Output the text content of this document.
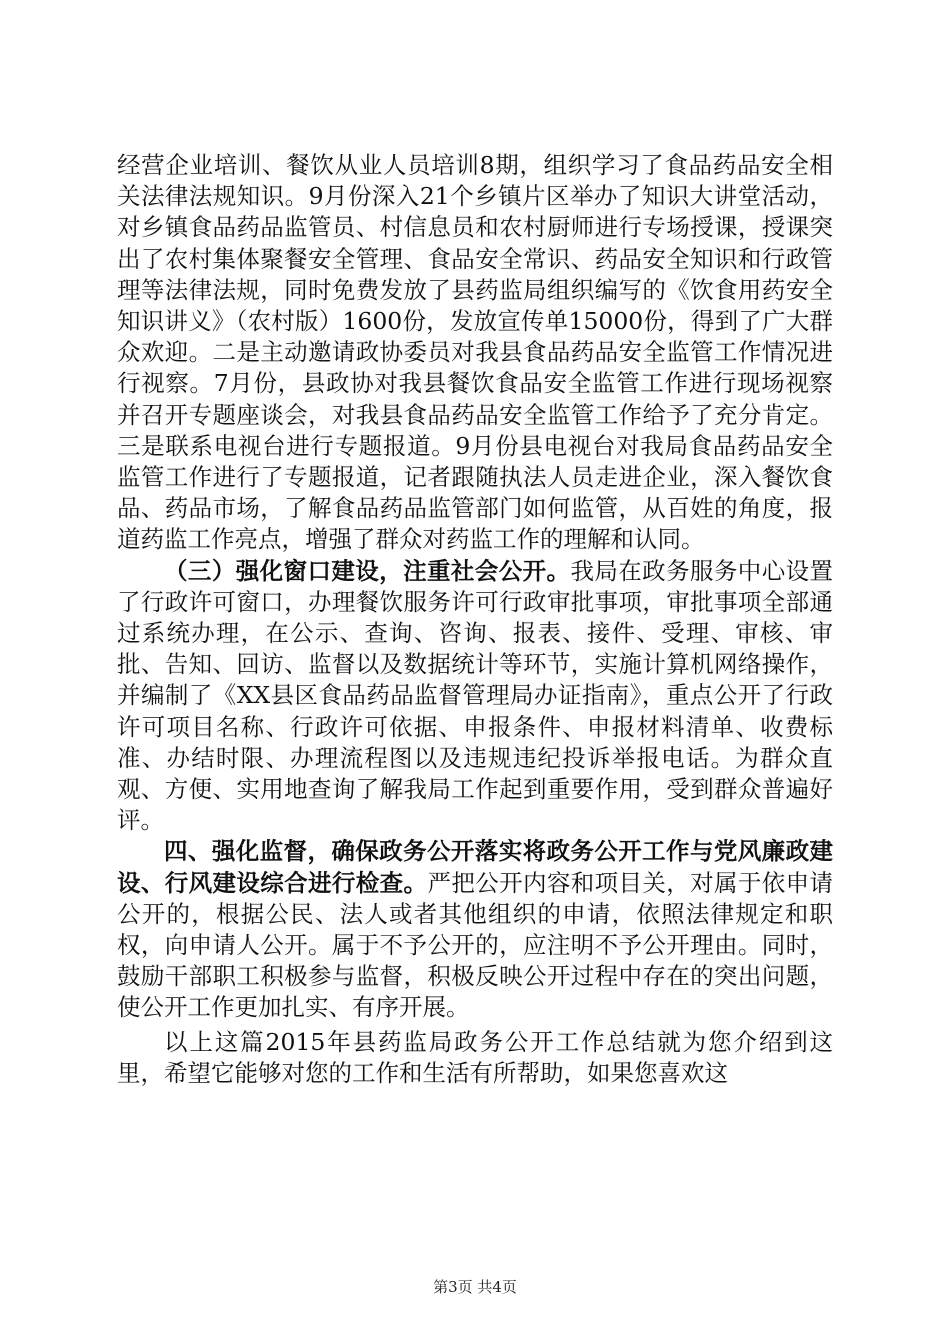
经营企业培训、餐饮从业人员培训8期，组织学习了食品药品安全相关法律法规知识。9月份深入21个乡镇片区举办了知识大讲堂活动，对乡镇食品药品监管员、村信息员和农村厨师进行专场授课，授课突出了农村集体聚餐安全管理、食品安全常识、药品安全知识和行政管理等法律法规，同时免费发放了县药监局组织编写的《饮食用药安全知识讲义》（农村版）1600份，发放宣传单15000份，得到了广大群众欢迎。二是主动邀请政协委员对我县食品药品安全监管工作情况进行视察。7月份，县政协对我县餐饮食品安全监管工作进行现场视察并召开专题座谈会，对我县食品药品安全监管工作给予了充分肯定。三是联系电视台进行专题报道。9月份县电视台对我局食品药品安全监管工作进行了专题报道，记者跟随执法人员走进企业，深入餐饮食品、药品市场，了解食品药品监管部门如何监管，从百姓的角度，报道药监工作亮点，增强了群众对药监工作的理解和认同。

（三）强化窗口建设，注重社会公开。我局在政务服务中心设置了行政许可窗口，办理餐饮服务许可行政审批事项，审批事项全部通过系统办理，在公示、查询、咨询、报表、接件、受理、审核、审批、告知、回访、监督以及数据统计等环节，实施计算机网络操作，并编制了《XX县区食品药品监督管理局办证指南》，重点公开了行政许可项目名称、行政许可依据、申报条件、申报材料清单、收费标准、办结时限、办理流程图以及违规违纪投诉举报电话。为群众直观、方便、实用地查询了解我局工作起到重要作用，受到群众普遍好评。

四、强化监督，确保政务公开落实将政务公开工作与党风廉政建设、行风建设综合进行检查。严把公开内容和项目关，对属于依申请公开的，根据公民、法人或者其他组织的申请，依照法律规定和职权，向申请人公开。属于不予公开的，应注明不予公开理由。同时，鼓励干部职工积极参与监督，积极反映公开过程中存在的突出问题，使公开工作更加扎实、有序开展。

以上这篇2015年县药监局政务公开工作总结就为您介绍到这里，希望它能够对您的工作和生活有所帮助，如果您喜欢这

第3页 共4页
